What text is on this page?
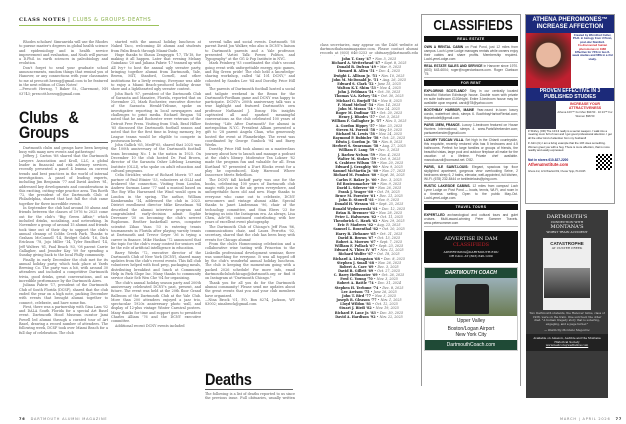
CLASS NOTES | CLUBS & GROUPS·DEATHS

Rhodes scholars! Simranvida will use the Rhodes to pursue master's degrees in global health science and epidemiology and in health service improvement and evaluation, and Noah will pursue a D.Phil. in earth sciences in paleobiology and evolution.

Don't forget to send your graduate school announcements, random things that remind you of Hanover, or any connections with your classmates to me at prescott.herzog@gmail.com to be featured in the next edition of Class Notes!

—Prescott Herzog, 7 Baker St., Claremont, NH 03743; prescott.herzog@gmail.com

Clubs & Groups

Dartmouth clubs and groups have been keeping busy with many new events and gatherings!

Jeffrey J. Carton '88 shared that the Dartmouth Lawyers Association and Kroll, LLC, a global leader in financial and risk advisory services, recently presented a panel 4 lemma on current trends and best practices in the world of internal investigations. A panel of leading experts, including Jim Benjamin '77 and David Anders '81, addressed key developments and considerations in this exciting, cutting-edge practice area. Tim Roeth '72, the president of the Dartmouth Club of Philadelphia, shared that last fall the club came together for three incredible events.

In September the club had around 50 alums and friends between the classes of 1976 to 2025 come out for the club's "Big Green Affair," which included drinks, socializing, and networking. In November a group of around 15 alumni and friends took time out of their day to support the club's annual cleanup of Cobbs Creek Park. Thanks to Graham McConnell '14, Bridget Galek '16, Dick Erickson '78, Jojo Miller '14, Tyler Bradford '14, Jeff Walters '81, Paul Beach '83, '08 parent Carrie Gallagher, and Jennifer Kay '09 for spending a Sunday giving back to the local Philly community.

Finally, in early December the club met for its annual holiday party, which took place at Yards Brewing Co. The party was a hit, with around 30 attendees and included a competitive Dartmouth trivia, good drinks, great conversations, and an incredible performance by the Dartmouth Aires.

Juliana Fabrie '17, president of the Dartmouth Club of South Florida (DCSF), shared that the club ended the year on a high note, packing December with events that brought alumni together to connect, celebrate, and have some fun.

First, there was a partnership with Gina Lam '02 and DALA South Florida for a special Art Basel event. Dartmouth Hood Museum curator Jami Powell led alumni through a curated tour of Art Basel, drawing a record number of attendees. The following week, DCSF took over Miami Beach for a full day of celebration. The club

started with the annual holiday luncheon at Naked Taco, welcoming 40 alumni and students from Palm Beach through Miami-Dade.

Huge thanks to Shaun Zenguygis '17, Th'18, for making it all happen. Later that evening Melany Guindano '20 and Juliana Fabrie '17 teamed up with All Ivy+ to host the annual ugly sweater party, bringing together alumni from Dartmouth, Yale, Brown, MIT, Stanford, Cornell, and other institutions for a lively evening. Everyone was able to enjoy a Miami Beach-produced holiday drone show and a lighthearted ugly sweater contest.

John Bach '87, president of the Dartmouth Club of Sarasota and Manatee, Florida, reported that on November 21, Mark Rochester, executive director of the Sarasota Herald-Tribune, spoke on investigative reporting in local newspapers and challenges to print media. Richard Brogan '54 noted that he and Rochester were veterans of the Detroit Free Press. Visiting from Utah, Brad Hillier '85 discussed the Dartmouth football season and noted that for the first time in living memory, Ivy League teams would be eligible to compete in postseason bowls.

John Gallick '65, MedF'65, shared that 2025 was the 100th anniversary of the Dartmouth football team becoming No. 1 in the nation in 1925. On December 10 the club hosted Dr. Paul Brown, director of the Sarasota Osher Lifelong Learning Institute (OLLI), who spoke on adult education and cultural programs.

Celia Strickler, widow of Richard Morris '57 and partner of Paul Etinier '53, volunteers at OLLI and brokered the connection. Visiting from London, Andrew Surman Lamr '77 said a musical based on The Boy Who Harnessed the Wind would open in London in the spring. The author, William Kamkwamba '14, addressed the club in 2023. District enrollment director Mike Kesselman '84 described the alumni interview program and congratulated early-decision admit Sophie Devenuer '30 on becoming the club's newest Ruploeum. Brother basketball news, computer scientist Zihao Yuan '33 is entering tennis tournaments in Florida after playing varsity tennis at Dartmouth and Trevor Geyer '36 is trying a career in finance. Mike Haskan '72 announced that the topic for the club's essay contest for seniors will be the role of artificial intelligence in education.

Barry Weeks '72, executive director of the Dartmouth Club of New York (DCNY), shared many updates from the club's recent events. This fall club volunteers helped with food prep, packaging meals, distributing breakfast and lunch at Community Help in Park Slope Inc. Many thanks to community service chair Seb Wen Che '04 for organizing.

The club's annual holiday season party and 200th anniversary celebrated DCNY's past, present, and future. The event was held at the 20th floor Grand Ballroom of the Dartmouth Club at the Yale Club. More than 200 attendees enjoyed a jazz trio, spectacular 1920s anniversary photo wall, and display of 12-plus vintage Winter Carnival posters. Many thanks for time and support goes to president Charles Alliam '76 and the DCNY executive committee.

Additional recent DCNY events included

several talks and social events. Dartmouth '58 parent David Jon Walker, who also is DCNY's liaison to Dartmouth parents and a Yale professor, presented "Artist Talk: Power, Politics, and Typography" at the GG & Pop Institute in NYC.

Mark Feinberg '93 coordinated the club's second going event with unforgettable energy, epic games, and Big Green pride! The club held a knowledge-sharing workshop, called "AI 101 DCNY," and cohosted by Sandra Lee '84 and Dorothy Price Hill '88.

The parents of Dartmouth football hosted a social and tailgate weekend in the Bronx for the Dartmouth-Fordham game and DCNY was happy to participate. DCNY's 200th anniversary talk was a true highlight and featured Dartmouth's own professor Nathaniel J. Donny. His insights captivated all and sparked meaningful conversations as the club celebrated 100 years of fostering "Life After Dartmouth" for alumni in metropolitan N.Y.C. President Alliam presented a gift to '28 parent Angela Chan, who generously hosted the event at Flamebridge. The event was coordinated by George Gunlock '94 and Barry Weeks.

Dorothy Price Hill took alumni on a masterclass journey about how to launch and manage a podcast at the club's library. Moderator Tea Lokner '82 made the program fun and valuable for all. Evan Kurtland '87 presented a D'art Blocks event for a play he coproduced, Katy Harwood Where Innocence Meets Rebellion.

The DCNY fall kickoff party was one for the books, celebrating 100 years of Dartmouth club magic with jazz in the air, green everywhere, and unforgettable faces old and new. Huge thanks to everyone who came out to celebrate, DCNY newcomers and vintage alumni alike. Special thanks to Janet Lindenman '96, chair of the technology committee, and Stan Ebers '23 for bringing us into the Instagram era. As always, Lisa Chen, Adv'08, continued contributing with her years of excellent event photography.

The Dartmouth Club of Chicago's Jeff Finn '86, communications chair, and Laura Perrotta '02, secretary, shared that the club has been busy with events for Chicago alumni!

From the club's Homecoming celebration and a collaborative wine tasting with Princeton to the LinkedIn professional development seminar, there was something for everyone. It was all topped off by the club's wonderful annual holiday luncheon. The club is keeping the momentum going with a packed 2026 schedule! For more info, email dartmouthclubofchicago@dartmouth.org or find it on Instagram at "Dartmouth Chicago."

Thank you for all you do for the Dartmouth alumni community! Please send me updates about the great events that you and your club members have organized.

—Nina Brock '01, P.O. Box 8274, Jackson, WY 83002; ninabrock@gmail.com

Deaths

The following is a list of deaths reported to us since the previous issue. Full obituaries, usually written

76 DARTMOUTH ALUMNI MAGAZINE

class secretaries, may appear on the DAM website at dartmouthalumnimagazine.com. Please contact alumni records at (603) 646-3253 or obituary@dartmouth.edu

John T. Gray '47 • Nov. 5, 2025
Richard A. Wetterhead '47 • Sept. 8, 2025
Donald B. Dufrau '49 • Mar. 9, 2025
Howard B. Allen '51 • Dec. 4, 2025
Dwight L. Allison Jr. '51 • Nov. 10, 2025
John M. McDonald Jr. '51 • Aug. 26, 2025
Edward S. Clark '52 • June 15, 2025
Walton K.T. Shim '53 • Nov. 4, 2025
John J. Feldman '54 • Oct. 30, 2025
Thomas V.A. Kelsey '54 • Oct. 30, 2025
Michael G. Burjoff '54 • Nov. 8, 2025
F. Maud Meloof '54 • Nov. 14, 2025
John M. Moran '54 • Nov. 24, 2025
Roger M. Dodinar '55 • Oct. 20, 2025
Henry J. Rhodes '57 • Oct. 3, 2025
William F. Gallagher Jr. '57 • Nov. 5, 2025
A. Gordon Rippey '57 • Mar. 23, 2025
Steven M. Foresti '58 • May 19, 2025
Richard M. Lewis '58 • Nov. 24, 2025
Raymond P. Rubinler '58 • Oct. 23, 2025
Edwin J. Gordon Jr. '58 • Nov. 8, 2025
Herbert S. Swarsman '58 • Aug. 27, 2025
William F. Lang '59 • Dec. 3, 2025
J. Barlow Nelson '59 • Nov. 4, 2025
Walter M. Stokes '59 • Oct. 9, 2025
S. Crabtree Wilson '59 • Nov. 20, 2025
Edward J. Geraghty '60 • Nov. 9, 2025
Samuel McMartin Jr. '60 • Nov. 27, 2025
Richard M. Pombos '60 • Sept. 30, 2025
Carlos F. Baker Jr. '60 • Dec. 3, 2025
Ed Rostenmacher '60 • Nov. 9, 2025
David L. Sdrever '60 • Nov. 26, 2025
Frank J. Yeager '60 • Oct. 19, 2025
Bruce M. Forester '61 • Dec. 21, 2025
John D. Stowell '61 • Nov. 9, 2025
Donald H. Wesson '61 • Sept. 25, 2025
Ronald Wydorzewski '61 • Dec. 12, 2025
Brian R. Bremser '62 • Nov. 28, 2025
Peter L. Halvorsen '62 • Oct. 11, 2025
Theodorick C. Hawk '62 • Nov. 29, 2025
Eric P. Madrees '62 • Aug. 23, 2025
Samuel L. Rosenthal '62 • Oct. 20, 2025
Harry B. Ziebauer '65 • Oct. 21, 2025
David B. Brown '67 • Oct. 13, 2025
Robert A. Morrow '67 • Sept. 7, 2025
William F. Pollack '67 • Sept. 23, 2025
Edward N. Thies IV '67 • Nov. 12, 2025
Richard Wolfer '67 • Oct. 18, 2025
Richard A. Livingston '68 • Dec. 8, 2025
Stephen J. Small '68 • Nov. 26, 2025
Robert A. Cave '69 • Dec. 3, 2025
David B. Gillett '69 • Oct. 27, 2025
C. Barry Heffmaster '69 • Oct. 26, 2025
Fred C. Young '70 • Nov. 3, 2025
Robert A. Battle '74 • Dec. 31, 2024
Stephen H. Terhune '74 • Dec. 8, 2025
Lee Arrison '75 • June 26, 2025
John T. Bird '77 • Nov. 3, 2025
Joseph R. Gleason '77 • Nov. 1, 2025
Lloyd Wildon '81 • Oct. 12, 2025
Stuart J. Birdi '82 • Nov. 19, 2025
Richard P. Lane Jr. '83 • Dec. 30, 2025
David A. Hardison '92 • Nov. 22, 2025
CLASSIFIEDS
REAL ESTATE
OWN A RENTAL CABIN on Post Pond, just 12 miles from campus. Loch Lyme Lodge manages rentals while owners enjoy their cabins and share profits. Membership required. LochLymeLodge.com
REAL ESTATE SALES AND SERVICE in Hanover since 1970. (603) 643-6004; roger@rogerclarksons.com. Roger Clarkson '75.
FOR RENT
EXPLORING SCOTLAND? Stay in our centrally located beautiful Victorian Edinburgh house. Double room with private en suite bathroom £100/night. Entire 3-bedroom house may be available upon request. carol@78@yahoo.com
BOOTHBAY HARBOR, MAINE Year-round in-town luxury condo, waterfront deck, sleeps 6. BoothbayHarborRental.com; tbcpartodell@gmail.com
PARIS 15EM, FRANCE. Luxury 1-bedroom featured on House Hunters International, sleeps 4. www.ParisWeekender.com; parisweekender@gmail.com
LUXURY TUSCAN VILLA. Set high in the Chianti countryside, this exquisite, recently restored villa has 5 bedrooms and 4.5 bathrooms. Perfect for large families or groups of friends, the beautiful vistas, large pool and outdoor fireplace all make for the vacation of a lifetime. Private chef available. marcokuzzoli@comcast.net. D'82.
PARIS, ILE SAINT-LOUIS: Elegant, spacious top floor skylighted apartment, gorgeous view overlooking Seine, 2 bedrooms sleep 6, 2 baths, elevator, well-appointed, full kitchen, Wi-Fi. (678) 232-8444 or toniiledelouis@ping.com.
RUSTIC LAKESIDE CABINS. 12 miles from campus! Loch Lyme Lodge on Post Pond — boats, tennis, Wi-Fi, and room in a timeless setting. Open to the public May-Oct. LochLymeLodge.com.
TRAVEL TOURS
EXPERT-LED archaeological and cultural tours and gulet cruises. Multi-award-winning Peter Sommer Travels. www.petersommer.com
ADVERTISE IN DAM
CLASSIFIEDS
ADVERTISING@DARTMOUTH.EDU
OR CALL AT (603) 646-1209
DARTMOUTH COACH
Upper Valley
Boston/Logan Airport
New York City
DartmouthCoach.com
ATHENA PHEROMONES™ INCREASE AFFECTION
Created by Winnifred Cutler, Ph.D. in biology from U Penn, post-doc Stanford.
Co-discovered human pheromones in 1986
Effective for 74% in two 8-week studies and 68% in a 3rd study.
PROVEN EFFECTIVE IN 3 PUBLISHED STUDIES
INCREASE YOUR ATTRACTIVENESS
Athena 10X™ For Men $99.50 · 10:13™ For Women $98.50
♥ Shirley (OR) The 10:13 really is a secret weapon. I walk into a meeting room full of men and I get good professional attention. I get all the other kind of attention from my husband!
♥ John (IL) I am a living example that the 10X does something. Women greet you with a hug. There is more affection, that is more readily and easily expressed.
Not in stores 610-827-2200
AthenaInstitute.com
Athena Inst, 1211 Braefield Rd, Chester Spgs, PA 19425
DARTMOUTH'S
CONNECTION WITH
MONTANA'S
WORST TRAIN ACCIDENT
CATASTROPHE
AT CUSTER CREEK
Two Dartmouth students, the Hanover twins, class of 1938, were on the train. One survived; the other died. "A human tragedy story that is sobering, engaging, and a page turner."
— Distinctly Montana Magazine
Available on Amazon, Audible and the Montana Historical Society
www.bestcoreywedfellow.com
MARCH | APRIL 2026 77
